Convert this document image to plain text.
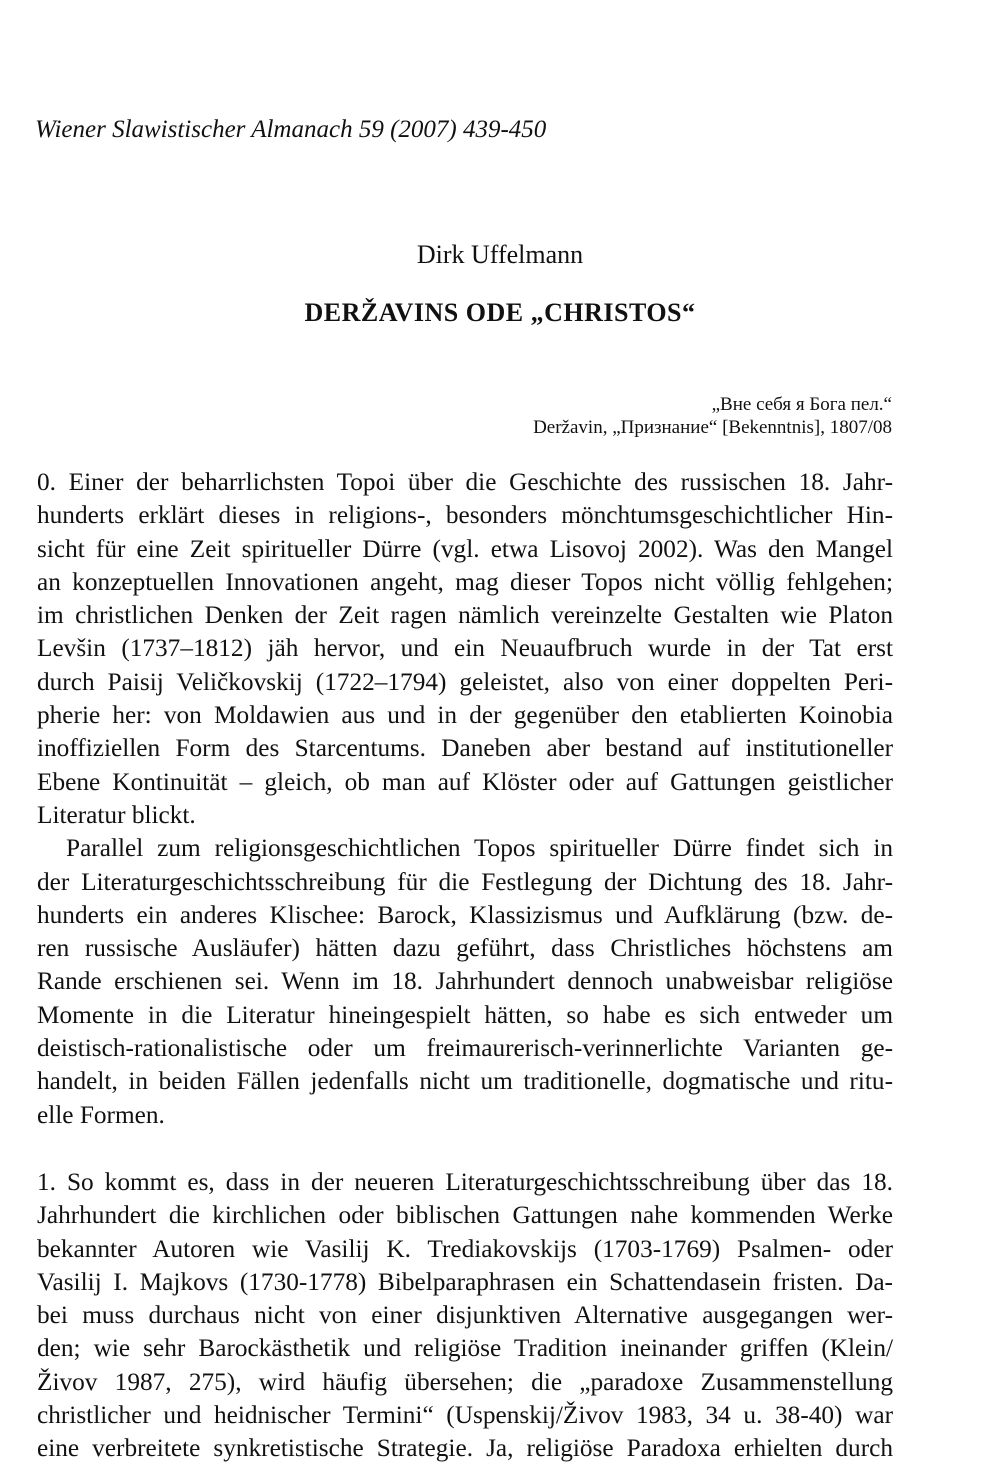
Wiener Slawistischer Almanach 59 (2007) 439-450
Dirk Uffelmann
DERŽAVINS ODE „CHRISTOS“
„Вне себя я Бога пел.“
Deržavin, „Признание“ [Bekenntnis], 1807/08
0. Einer der beharrlichsten Topoi über die Geschichte des russischen 18. Jahr-
hunderts erklärt dieses in religions-, besonders mönchtumsgeschichtlicher Hin-
sicht für eine Zeit spiritueller Dürre (vgl. etwa Lisovoj 2002). Was den Mangel
an konzeptuellen Innovationen angeht, mag dieser Topos nicht völlig fehlgehen;
im christlichen Denken der Zeit ragen nämlich vereinzelte Gestalten wie Platon
Levšin (1737–1812) jäh hervor, und ein Neuaufbruch wurde in der Tat erst
durch Paisij Veličkovskij (1722–1794) geleistet, also von einer doppelten Peri-
pherie her: von Moldawien aus und in der gegenüber den etablierten Koinobia
inoffiziellen Form des Starcentums. Daneben aber bestand auf institutioneller
Ebene Kontinuität – gleich, ob man auf Klöster oder auf Gattungen geistlicher
Literatur blickt.
Parallel zum religionsgeschichtlichen Topos spiritueller Dürre findet sich in
der Literaturgeschichtsschreibung für die Festlegung der Dichtung des 18. Jahr-
hunderts ein anderes Klischee: Barock, Klassizismus und Aufklärung (bzw. de-
ren russische Ausläufer) hätten dazu geführt, dass Christliches höchstens am
Rande erschienen sei. Wenn im 18. Jahrhundert dennoch unabweisbar religiöse
Momente in die Literatur hineingespielt hätten, so habe es sich entweder um
deistisch-rationalistische oder um freimaurerisch-verinnerlichte Varianten ge-
handelt, in beiden Fällen jedenfalls nicht um traditionelle, dogmatische und ritu-
elle Formen.
1. So kommt es, dass in der neueren Literaturgeschichtsschreibung über das 18.
Jahrhundert die kirchlichen oder biblischen Gattungen nahe kommenden Werke
bekannter Autoren wie Vasilij K. Trediakovskijs (1703-1769) Psalmen- oder
Vasilij I. Majkovs (1730-1778) Bibelparaphrasen ein Schattendasein fristen. Da-
bei muss durchaus nicht von einer disjunktiven Alternative ausgegangen wer-
den; wie sehr Barockästhetik und religiöse Tradition ineinander griffen (Klein/
Živov 1987, 275), wird häufig übersehen; die „paradoxe Zusammenstellung
christlicher und heidnischer Termini“ (Uspenskij/Živov 1983, 34 u. 38-40) war
eine verbreitete synkretistische Strategie. Ja, religiöse Paradoxa erhielten durch
